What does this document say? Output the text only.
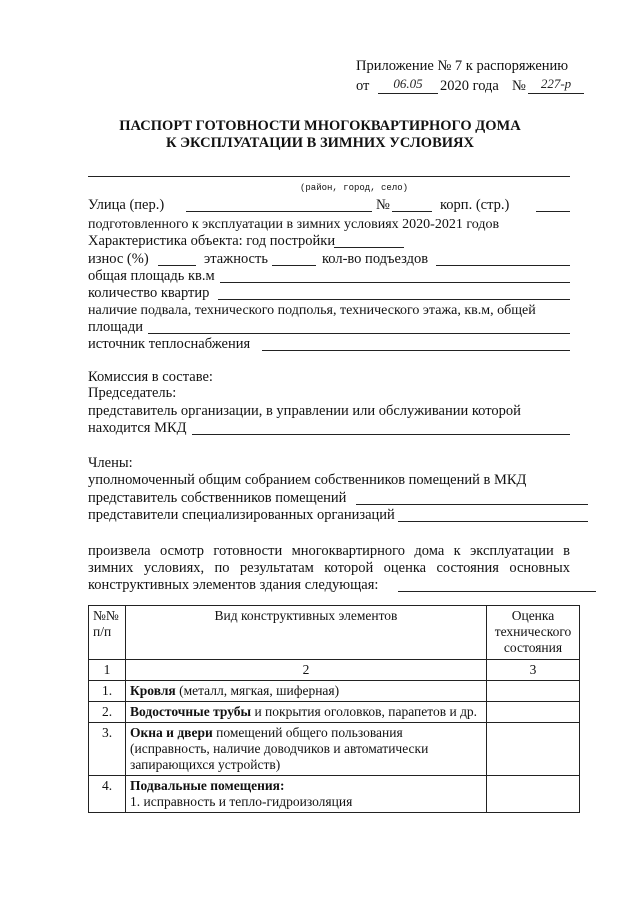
Приложение № 7 к распоряжению
от	06.05	2020 года №	227-р
ПАСПОРТ ГОТОВНОСТИ МНОГОКВАРТИРНОГО ДОМА
К ЭКСПЛУАТАЦИИ В ЗИМНИХ УСЛОВИЯХ
(район, город, село)
Улица (пер.)	№	корп. (стр.)
подготовленного к эксплуатации в зимних условиях 2020-2021 годов
Характеристика объекта: год постройки
износ (%)	этажность	кол-во подъездов
общая площадь кв.м
количество квартир
наличие подвала, технического подполья, технического этажа, кв.м, общей
площади
источник теплоснабжения
Комиссия в составе:
Председатель:
представитель организации, в управлении или обслуживании которой
находится МКД
Члены:
уполномоченный общим собранием собственников помещений в МКД
представитель собственников помещений
представители специализированных организаций
произвела осмотр готовности многоквартирного дома к эксплуатации в
зимних условиях, по результатам которой оценка состояния основных
конструктивных элементов здания следующая:
№№ п/п	Вид конструктивных элементов	Оценка технического состояния
1	2	3
1.	Кровля (металл, мягкая, шиферная)	
2.	Водосточные трубы и покрытия оголовков, парапетов и др.	
3.	Окна и двери помещений общего пользования (исправность, наличие доводчиков и автоматически запирающихся устройств)	
4.	Подвальные помещения:
1. исправность и тепло-гидроизоляция	
